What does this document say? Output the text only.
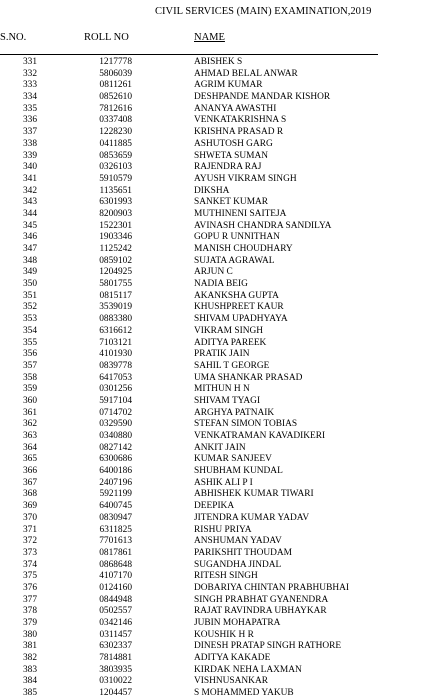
CIVIL SERVICES (MAIN) EXAMINATION,2019
S.NO.	ROLL NO	NAME
331	1217778	ABISHEK S
332	5806039	AHMAD BELAL ANWAR
333	0811261	AGRIM KUMAR
334	0852610	DESHPANDE MANDAR KISHOR
335	7812616	ANANYA AWASTHI
336	0337408	VENKATAKRISHNA S
337	1228230	KRISHNA PRASAD R
338	0411885	ASHUTOSH GARG
339	0853659	SHWETA SUMAN
340	0326103	RAJENDRA RAJ
341	5910579	AYUSH VIKRAM SINGH
342	1135651	DIKSHA
343	6301993	SANKET KUMAR
344	8200903	MUTHINENI SAITEJA
345	1522301	AVINASH CHANDRA SANDILYA
346	1903346	GOPU R UNNITHAN
347	1125242	MANISH CHOUDHARY
348	0859102	SUJATA AGRAWAL
349	1204925	ARJUN C
350	5801755	NADIA BEIG
351	0815117	AKANKSHA GUPTA
352	3539019	KHUSHPREET KAUR
353	0883380	SHIVAM UPADHYAYA
354	6316612	VIKRAM SINGH
355	7103121	ADITYA PAREEK
356	4101930	PRATIK JAIN
357	0839778	SAHIL T GEORGE
358	6417053	UMA SHANKAR PRASAD
359	0301256	MITHUN H N
360	5917104	SHIVAM TYAGI
361	0714702	ARGHYA PATNAIK
362	0329590	STEFAN SIMON TOBIAS
363	0340880	VENKATRAMAN KAVADIKERI
364	0827142	ANKIT JAIN
365	6300686	KUMAR SANJEEV
366	6400186	SHUBHAM KUNDAL
367	2407196	ASHIK ALI P I
368	5921199	ABHISHEK KUMAR TIWARI
369	6400745	DEEPIKA
370	0830947	JITENDRA KUMAR YADAV
371	6311825	RISHU PRIYA
372	7701613	ANSHUMAN YADAV
373	0817861	PARIKSHIT THOUDAM
374	0868648	SUGANDHA JINDAL
375	4107170	RITESH SINGH
376	0124160	DOBARIYA CHINTAN PRABHUBHAI
377	0844948	SINGH PRABHAT GYANENDRA
378	0502557	RAJAT RAVINDRA UBHAYKAR
379	0342146	JUBIN MOHAPATRA
380	0311457	KOUSHIK H R
381	6302337	DINESH PRATAP SINGH RATHORE
382	7814881	ADITYA KAKADE
383	3803935	KIRDAK NEHA LAXMAN
384	0310022	VISHNUSANKAR
385	1204457	S MOHAMMED YAKUB
